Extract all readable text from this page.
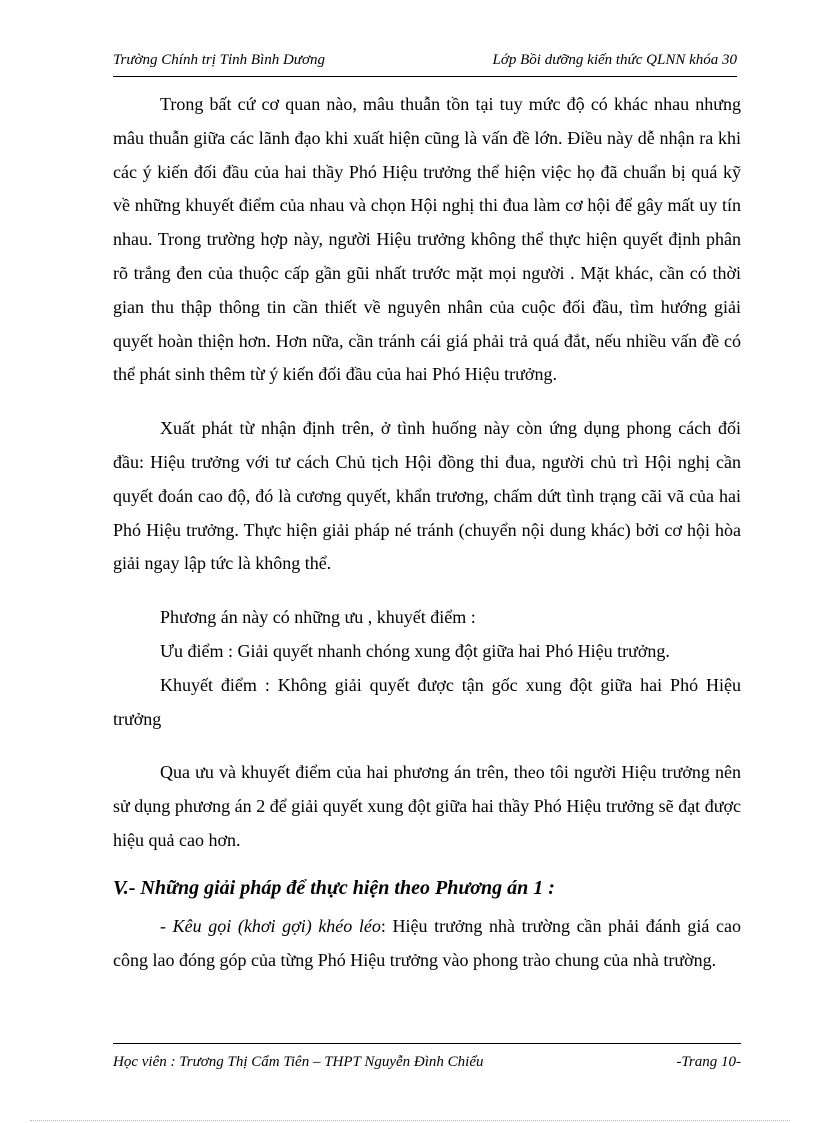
Trường Chính trị Tỉnh Bình Dương	Lớp Bồi dưỡng kiến thức QLNN khóa 30

Trong bất cứ cơ quan nào, mâu thuẫn tồn tại tuy mức độ có khác nhau nhưng mâu thuẫn giữa các lãnh đạo khi xuất hiện cũng là vấn đề lớn. Điều này dễ nhận ra khi các ý kiến đối đầu của hai thầy Phó Hiệu trưởng thể hiện việc họ đã chuẩn bị quá kỹ về những khuyết điểm của nhau và chọn Hội nghị thi đua làm cơ hội để gây mất uy tín nhau. Trong trường hợp này, người Hiệu trưởng không thể thực hiện quyết định phân rõ trắng đen của thuộc cấp gần gũi nhất trước mặt mọi người . Mặt khác, cần có thời gian thu thập thông tin cần thiết về nguyên nhân của cuộc đối đầu, tìm hướng giải quyết hoàn thiện hơn. Hơn nữa, cần tránh cái giá phải trả quá đắt, nếu nhiều vấn đề có thể phát sinh thêm từ ý kiến đối đầu của hai Phó Hiệu trưởng.

Xuất phát từ nhận định trên, ở tình huống này còn ứng dụng phong cách đối đầu: Hiệu trưởng với tư cách Chủ tịch Hội đồng thi đua, người chủ trì Hội nghị cần quyết đoán cao độ, đó là cương quyết, khẩn trương, chấm dứt tình trạng cãi vã của hai Phó Hiệu trưởng. Thực hiện giải pháp né tránh (chuyển nội dung khác) bởi cơ hội hòa giải ngay lập tức là không thể.

Phương án này có những ưu , khuyết điểm :

Ưu điểm : Giải quyết nhanh chóng xung đột giữa hai Phó Hiệu trưởng.

Khuyết điểm : Không giải quyết được tận gốc xung đột giữa hai Phó Hiệu trưởng

Qua ưu và khuyết điểm của hai phương án trên, theo tôi người Hiệu trưởng nên sử dụng phương án 2 để giải quyết xung đột giữa hai thầy Phó Hiệu trưởng sẽ đạt được hiệu quả cao hơn.

V.- Những giải pháp để thực hiện theo Phương án 1 :

- Kêu gọi (khơi gợi) khéo léo: Hiệu trưởng nhà trường cần phải đánh giá cao công lao đóng góp của từng Phó Hiệu trưởng vào phong trào chung của nhà trường.

Học viên : Trương Thị Cẩm Tiên – THPT Nguyễn Đình Chiểu	-Trang 10-
